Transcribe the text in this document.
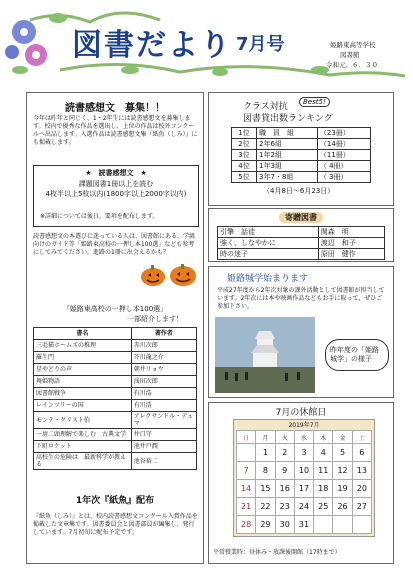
図書だより 7月号	姫路東高等学校
図書館
令和元．６．３０
読書感想文　募集！！
今年は昨年と同じく、1・2年生には読書感想文を募集します。校内で優秀な作品を選出し、上位の作品は校外コンクールへ出品します。入選作品は読書感想文集『紙魚（しみ）』にも掲載します。
★　読書感想文　★
課題図書1冊以上を読む
4枚半以上5枚以内(1800字以上2000字以内)
※詳細については後日、要項を配布します。
読書感想文の本選びに迷っている人は、図書館にある、学級向けのガイド等「姫路東高校の一押し本100選」なども参考にしてみてください。進路の1冊に出会えるかも？
「姫路東高校の一押し本100選」
一部紹介します！
書名	著作者
三毛猫ホームズの推理	赤川次郎
羅生門	芥川龍之介
星やどりの声	朝井リョウ
舞姫物語	浅田次郎
図書館戦争	有川浩
レインツリーの国	有川浩
モンテ・クリスト伯	アレクサンドル・デュマ
一房二頭理解で楽しむ　古典文学	井口守
下町ロケット	池井戸潤
高校生の危険は　最新科学が教える	池谷裕二
1年次『紙魚』配布
『紙魚（しみ）』とは、校内読書感想文コンクール入賞作品を掲載した文章集です。図書委員会と図書部員が編集し、発行しています。7月初旬に配布予定です。
クラス対抗	Best5!
図書貸出数ランキング
1位	職　員　組	（23冊）
2位	2年6組	（14冊）
3位	1年2組	（11冊）
4位	1年3組	（ 4冊）
5位	3年7・8組	（ 3冊）
（4月8日～6月23日）
寄贈図書
引擎　話徒	関森　明
強く、しなやかに	渡辺　和子
時の迷子	原田　健作
姫路城学始まります
平成27年度から2年次対象の課外活動として図書館が担当しています。2年次には本や映画作品などもお手に取って、ぜひご参加下さい。
昨年度の「姫路城学」の様子
7月の休館日
2019年7月
日	月	火	水	木	金	土
	1	2	3	4	5	6
7	8	9	10	11	12	13
14	15	16	17	18	19	20
21	22	23	24	25	26	27
28	29	30	31			
平常授業時：昼休み・放課後開館（17時まで）
